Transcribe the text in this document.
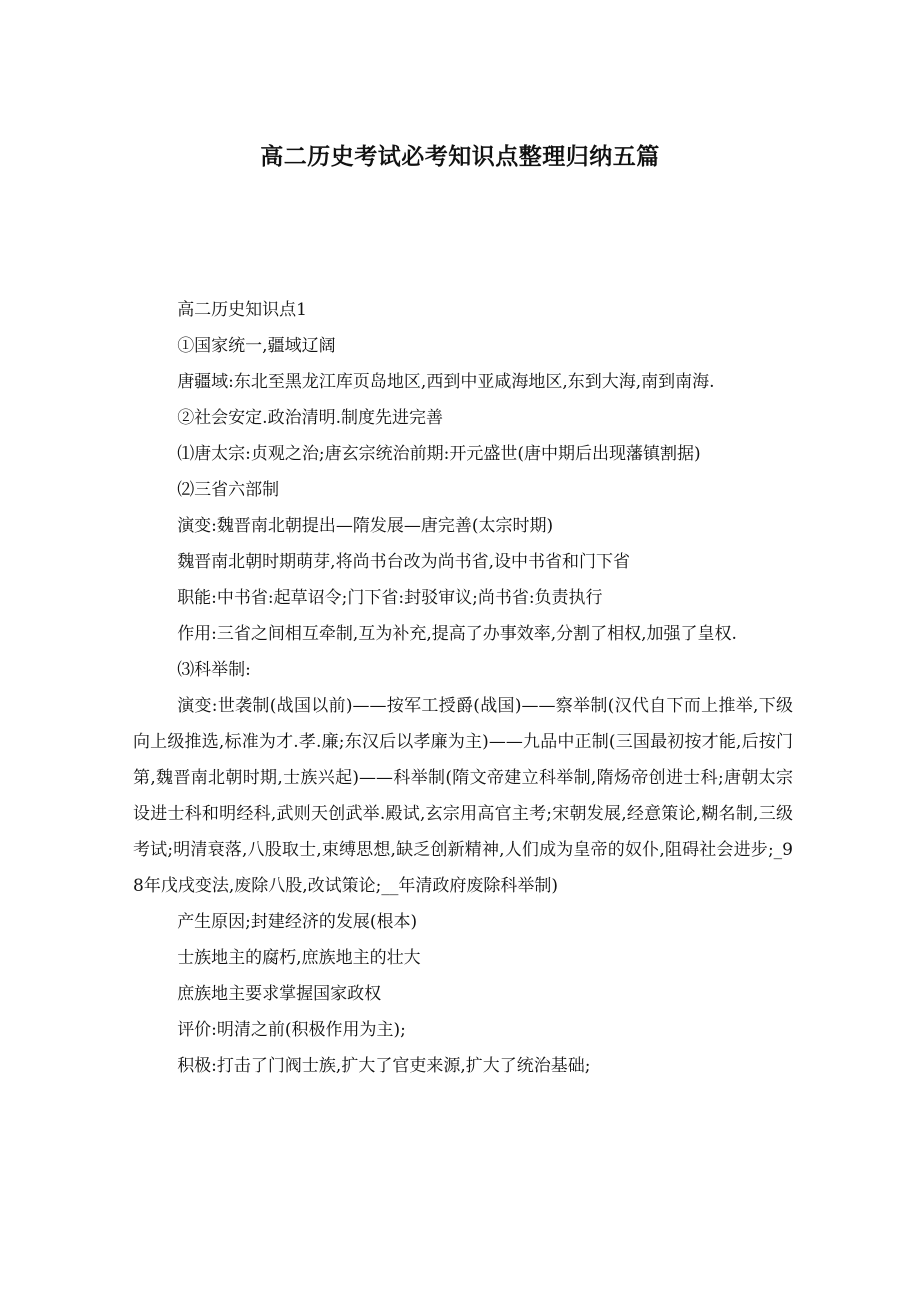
高二历史考试必考知识点整理归纳五篇

高二历史知识点1

①国家统一,疆域辽阔

唐疆域:东北至黑龙江库页岛地区,西到中亚咸海地区,东到大海,南到南海.

②社会安定.政治清明.制度先进完善

⑴唐太宗:贞观之治;唐玄宗统治前期:开元盛世(唐中期后出现藩镇割据)

⑵三省六部制

演变:魏晋南北朝提出—隋发展—唐完善(太宗时期)

魏晋南北朝时期萌芽,将尚书台改为尚书省,设中书省和门下省

职能:中书省:起草诏令;门下省:封驳审议;尚书省:负责执行

作用:三省之间相互牵制,互为补充,提高了办事效率,分割了相权,加强了皇权.

⑶科举制:

演变:世袭制(战国以前)——按军工授爵(战国)——察举制(汉代自下而上推举,下级向上级推选,标准为才.孝.廉;东汉后以孝廉为主)——九品中正制(三国最初按才能,后按门第,魏晋南北朝时期,士族兴起)——科举制(隋文帝建立科举制,隋炀帝创进士科;唐朝太宗设进士科和明经科,武则天创武举.殿试,玄宗用高官主考;宋朝发展,经意策论,糊名制,三级考试;明清衰落,八股取士,束缚思想,缺乏创新精神,人们成为皇帝的奴仆,阻碍社会进步;_98年戊戌变法,废除八股,改试策论;__年清政府废除科举制)

产生原因;封建经济的发展(根本)

士族地主的腐朽,庶族地主的壮大

庶族地主要求掌握国家政权

评价:明清之前(积极作用为主);

积极:打击了门阀士族,扩大了官吏来源,扩大了统治基础;
